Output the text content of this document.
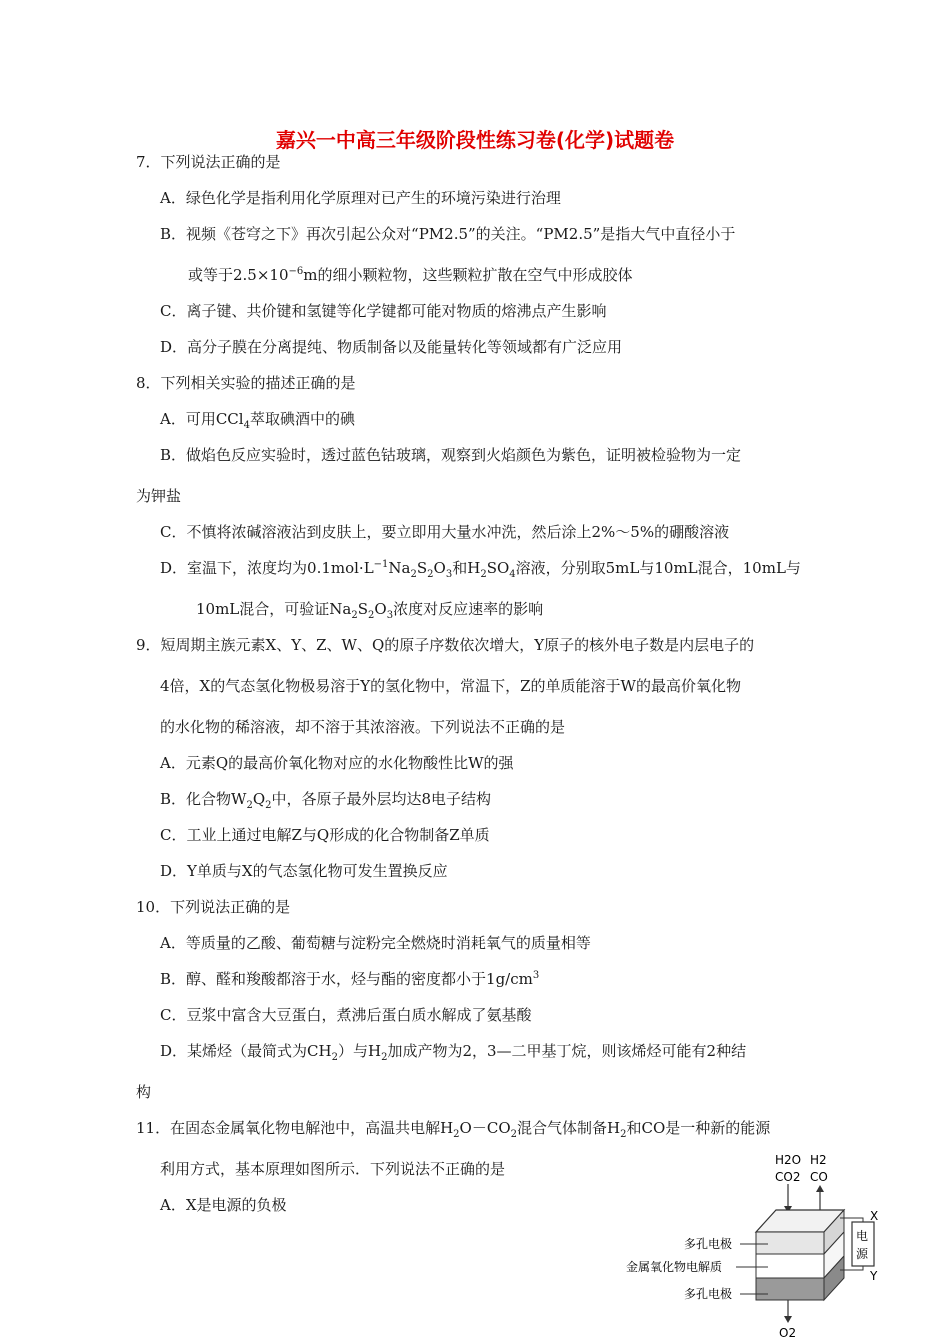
嘉兴一中高三年级阶段性练习卷(化学)试题卷
7．下列说法正确的是
A．绿色化学是指利用化学原理对已产生的环境污染进行治理
B．视频《苍穹之下》再次引起公众对“PM2.5”的关注。“PM2.5”是指大气中直径小于
或等于$2.5\times 10^{-6}m$的细小颗粒物，这些颗粒扩散在空气中形成胶体
C．离子键、共价键和氢键等化学键都可能对物质的熔沸点产生影响
D．高分子膜在分离提纯、物质制备以及能量转化等领域都有广泛应用
8．下列相关实验的描述正确的是
A．可用CCl$_4$萃取碘酒中的碘
B．做焰色反应实验时，透过蓝色钴玻璃，观察到火焰颜色为紫色，证明被检验物为一定
为钾盐
C．不慎将浓碱溶液沾到皮肤上，要立即用大量水冲洗，然后涂上2%～5%的硼酸溶液
D．室温下，浓度均为$0.1mol\cdot L^{-1}Na_2S_2O_3$和$H_2SO_4$溶液，分别取5mL与10mL混合，10mL与
10mL混合，可验证$Na_2S_2O_3$浓度对反应速率的影响
9．短周期主族元素X、Y、Z、W、Q的原子序数依次增大，Y原子的核外电子数是内层电子的
4倍，X的气态氢化物极易溶于Y的氢化物中，常温下，Z的单质能溶于W的最高价氧化物
的水化物的稀溶液，却不溶于其浓溶液。下列说法不正确的是
A．元素Q的最高价氧化物对应的水化物酸性比W的强
B．化合物$W_2Q_2$中，各原子最外层均达8电子结构
C．工业上通过电解Z与Q形成的化合物制备Z单质
D．Y单质与X的气态氢化物可发生置换反应
10．下列说法正确的是
A．等质量的乙酸、葡萄糖与淀粉完全燃烧时消耗氧气的质量相等
B．醇、醛和羧酸都溶于水，烃与酯的密度都小于$1g/cm^3$
C．豆浆中富含大豆蛋白，煮沸后蛋白质水解成了氨基酸
D．某烯烃（最简式为$CH_2$）与$H_2$加成产物为2，3—二甲基丁烷，则该烯烃可能有2种结
构
11．在固态金属氧化物电解池中，高温共电解$H_2O-CO_2$混合气体制备$H_2$和CO是一种新的能源
利用方式，基本原理如图所示．下列说法不正确的是
A．X是电源的负极
H2O
CO2
H2
CO
多孔电极
金属氧化物电解质
多孔电极
电
源
X
Y
O2
